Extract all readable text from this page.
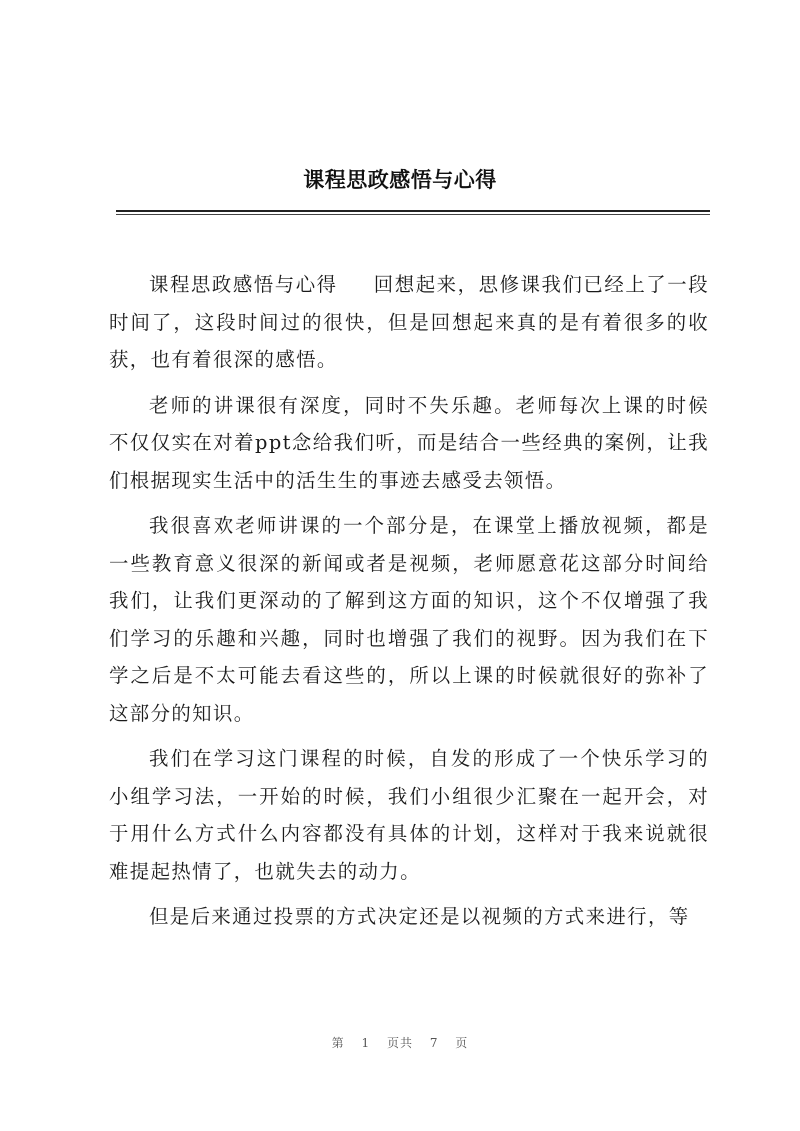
课程思政感悟与心得

课程思政感悟与心得 回想起来，思修课我们已经上了一段时间了，这段时间过的很快，但是回想起来真的是有着很多的收获，也有着很深的感悟。

老师的讲课很有深度，同时不失乐趣。老师每次上课的时候不仅仅实在对着ppt念给我们听，而是结合一些经典的案例，让我们根据现实生活中的活生生的事迹去感受去领悟。

我很喜欢老师讲课的一个部分是，在课堂上播放视频，都是一些教育意义很深的新闻或者是视频，老师愿意花这部分时间给我们，让我们更深动的了解到这方面的知识，这个不仅增强了我们学习的乐趣和兴趣，同时也增强了我们的视野。因为我们在下学之后是不太可能去看这些的，所以上课的时候就很好的弥补了这部分的知识。

我们在学习这门课程的时候，自发的形成了一个快乐学习的小组学习法，一开始的时候，我们小组很少汇聚在一起开会，对于用什么方式什么内容都没有具体的计划，这样对于我来说就很难提起热情了，也就失去的动力。

但是后来通过投票的方式决定还是以视频的方式来进行，等

第 1 页共 7 页
